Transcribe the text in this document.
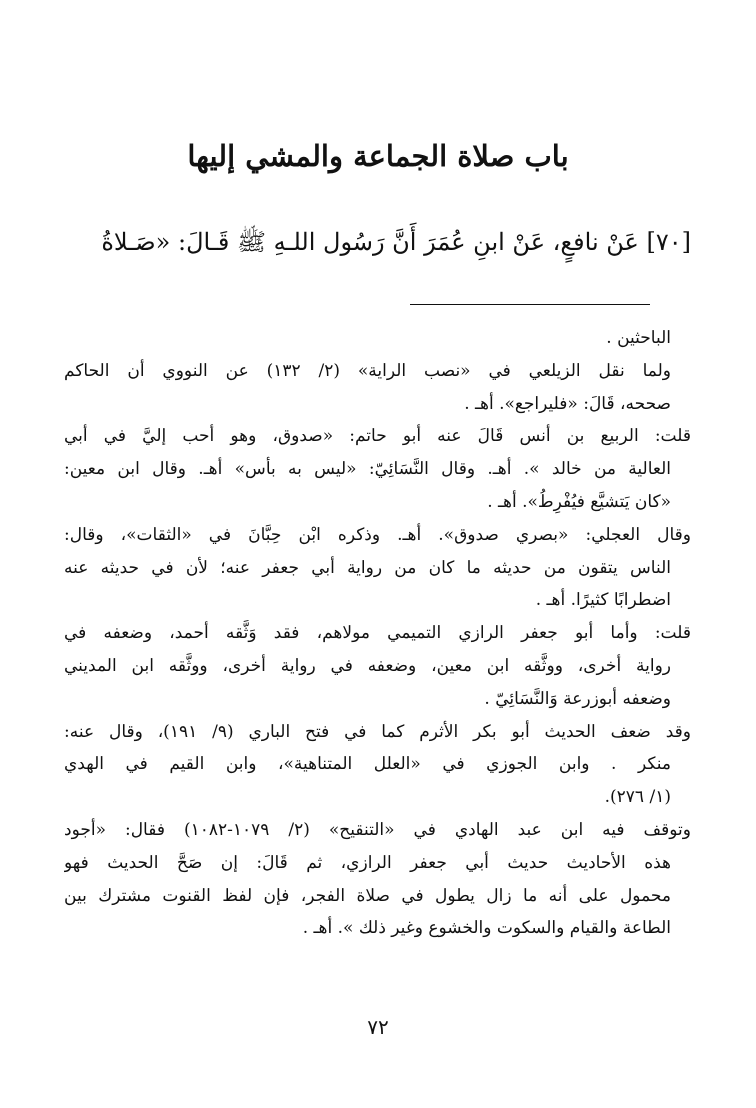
باب صلاة الجماعة والمشي إليها
[٧٠] عَنْ نافعٍ، عَنْ ابنِ عُمَرَ أَنَّ رَسُول اللـهِ ﷺ قَـالَ: «صَـلاةُ
الباحثين .
ولما نقل الزيلعي في «نصب الراية» (٢/ ١٣٢) عن النووي أن الحاكم
صححه، قَالَ: «فليراجع». أهـ .
قلت: الربيع بن أنس قَالَ عنه أبو حاتم: «صدوق، وهو أحب إليَّ في أبي
العالية من خالد ». أهـ. وقال النَّسَائِيّ: «ليس به بأس» أهـ. وقال ابن معين:
«كان يَتشيَّع فيُفْرِطُ». أهـ .
وقال العجلي: «بصري صدوق». أهـ. وذكره ابْن حِبَّانَ في «الثقات»، وقال:
الناس يتقون من حديثه ما كان من رواية أبي جعفر عنه؛ لأن في حديثه عنه
اضطرابًا كثيرًا. أهـ .
قلت: وأما أبو جعفر الرازي التميمي مولاهم، فقد وَثَّقه أحمد، وضعفه في
رواية أخرى، ووثَّقه ابن معين، وضعفه في رواية أخرى، ووثَّقه ابن المديني
وضعفه أبوزرعة وَالنَّسَائِيّ .
وقد ضعف الحديث أبو بكر الأثرم كما في فتح الباري (٩/ ١٩١)، وقال عنه:
منكر . وابن الجوزي في «العلل المتناهية»، وابن القيم في الهدي
(١/ ٢٧٦).
وتوقف فيه ابن عبد الهادي في «التنقيح» (٢/ ١٠٧٩-١٠٨٢) فقال: «أجود
هذه الأحاديث حديث أبي جعفر الرازي، ثم قَالَ: إن صَحَّ الحديث فهو
محمول على أنه ما زال يطول في صلاة الفجر، فإن لفظ القنوت مشترك بين
الطاعة والقيام والسكوت والخشوع وغير ذلك ». أهـ .
٧٢
